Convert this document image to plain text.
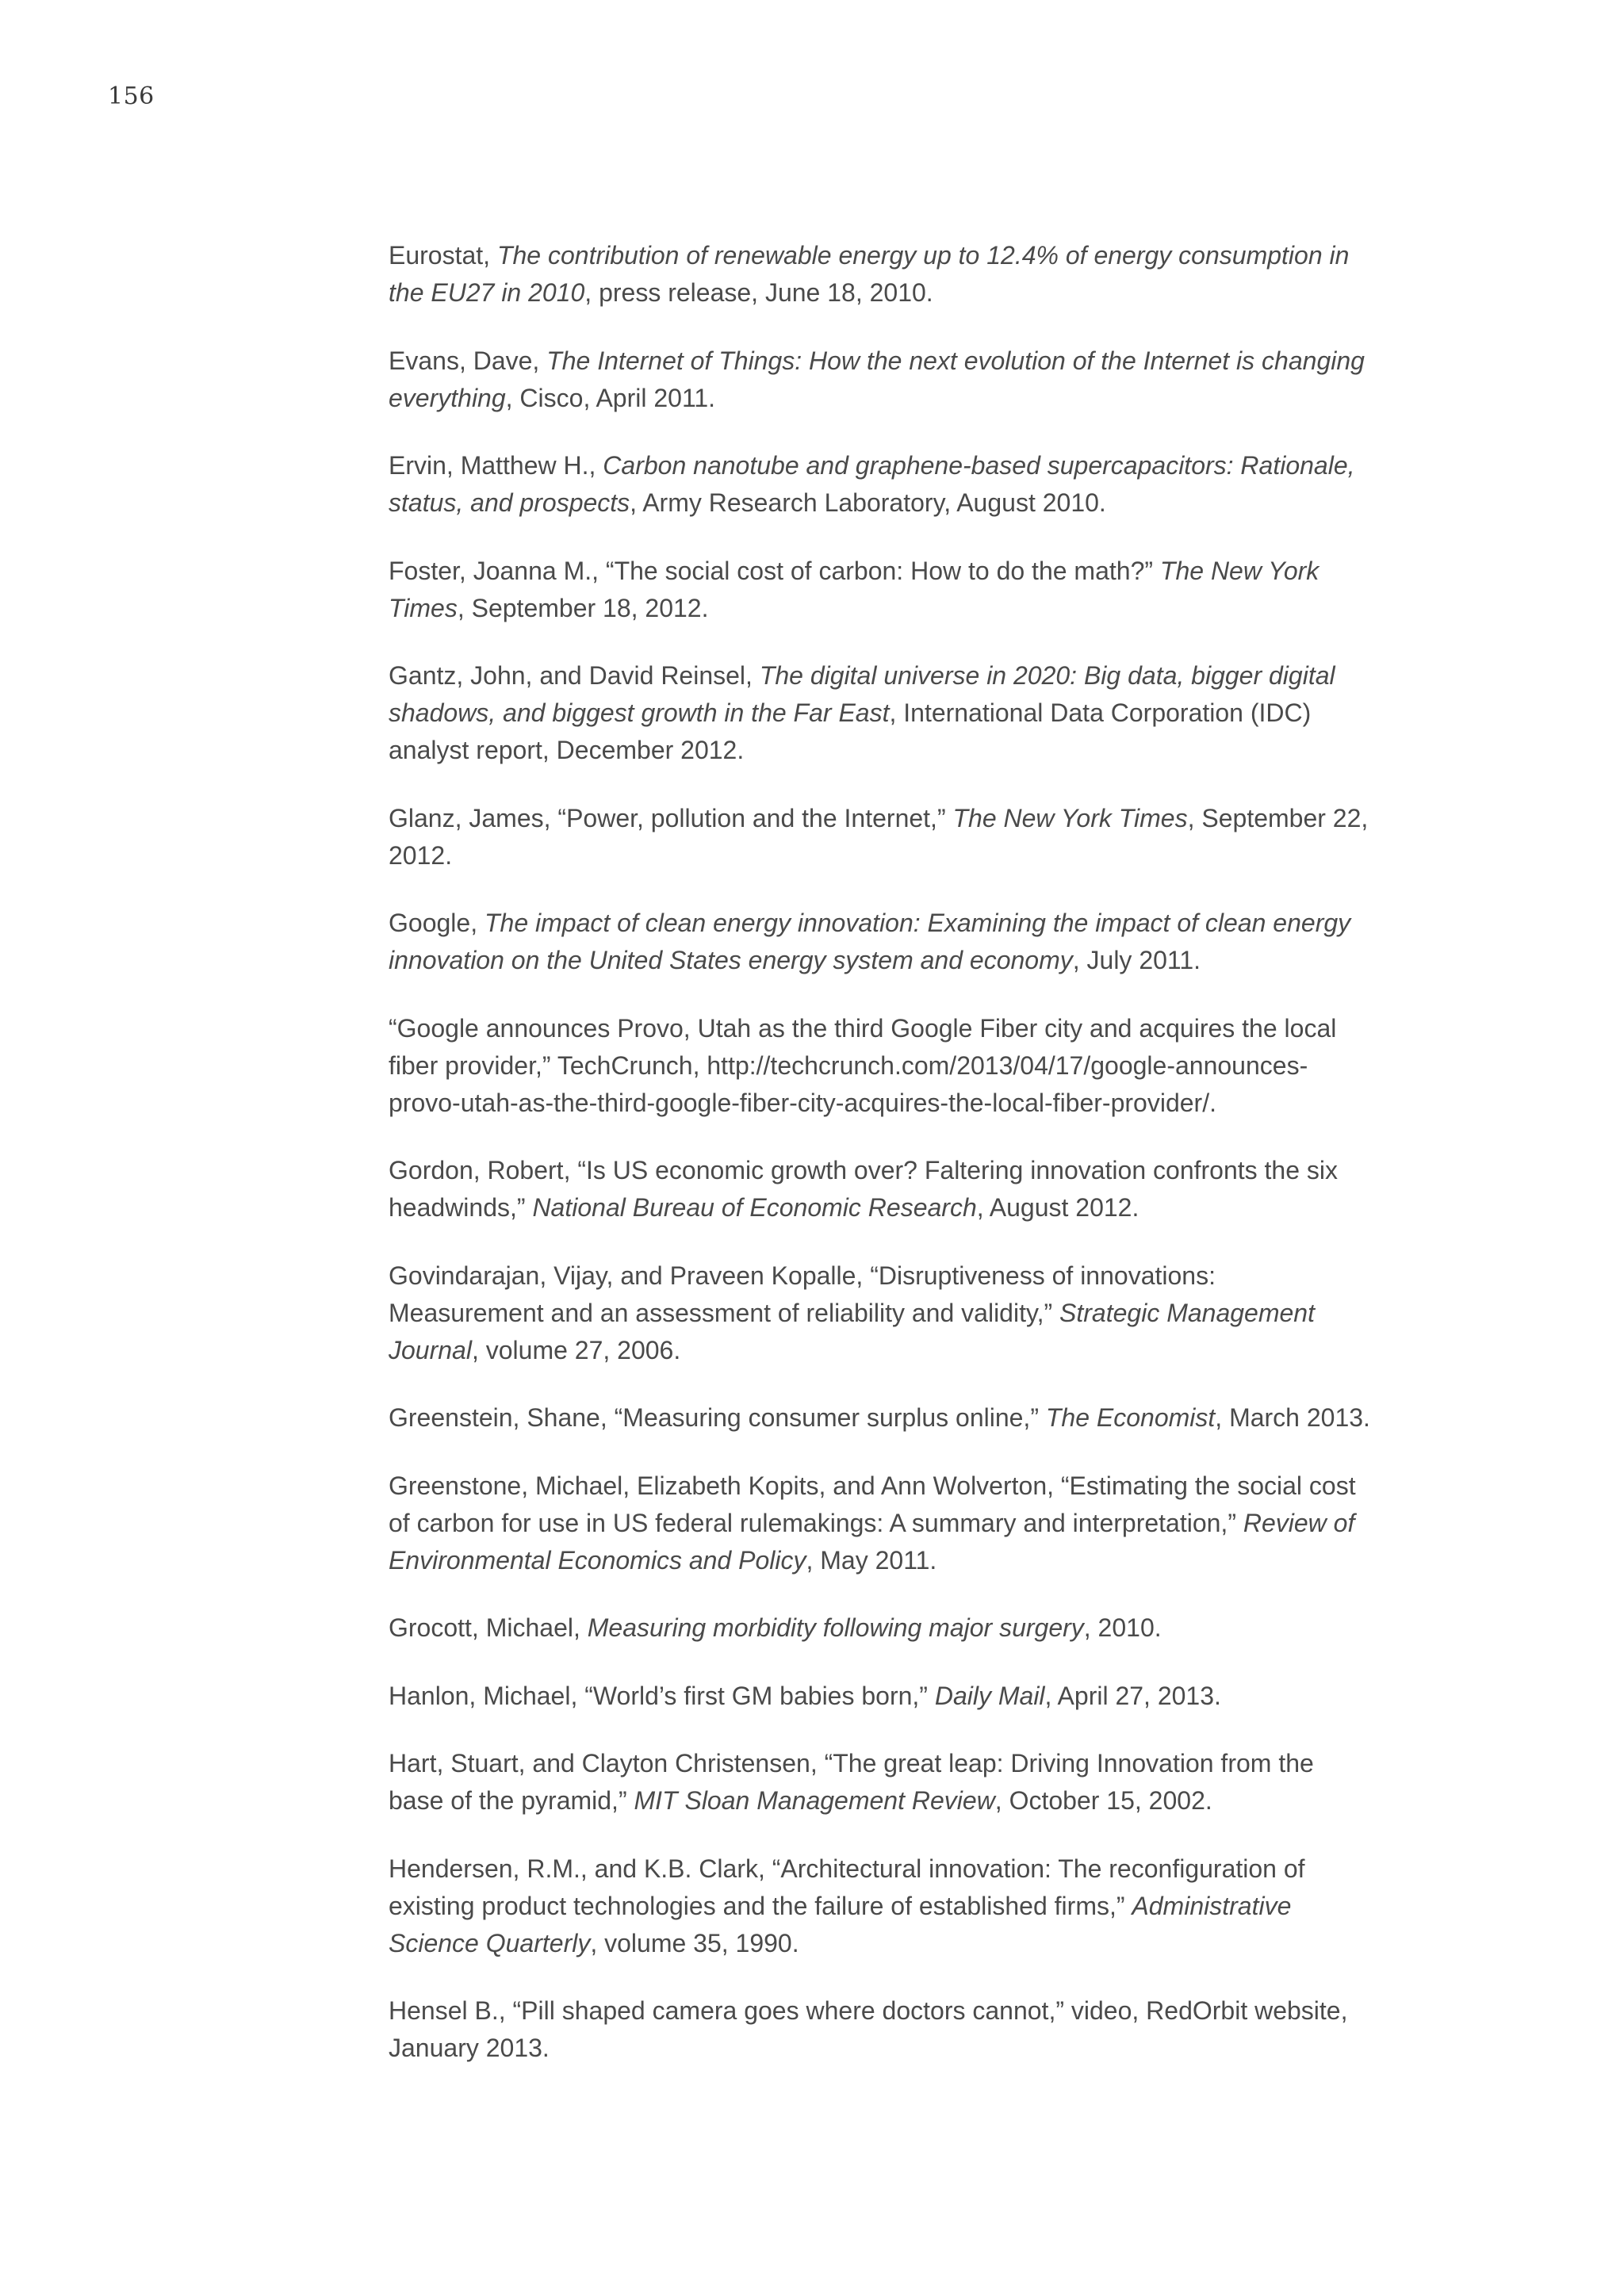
156

Eurostat, The contribution of renewable energy up to 12.4% of energy consumption in the EU27 in 2010, press release, June 18, 2010.

Evans, Dave, The Internet of Things: How the next evolution of the Internet is changing everything, Cisco, April 2011.

Ervin, Matthew H., Carbon nanotube and graphene-based supercapacitors: Rationale, status, and prospects, Army Research Laboratory, August 2010.

Foster, Joanna M., “The social cost of carbon: How to do the math?” The New York Times, September 18, 2012.

Gantz, John, and David Reinsel, The digital universe in 2020: Big data, bigger digital shadows, and biggest growth in the Far East, International Data Corporation (IDC) analyst report, December 2012.

Glanz, James, “Power, pollution and the Internet,” The New York Times, September 22, 2012.

Google, The impact of clean energy innovation: Examining the impact of clean energy innovation on the United States energy system and economy, July 2011.

“Google announces Provo, Utah as the third Google Fiber city and acquires the local fiber provider,” TechCrunch, http://techcrunch.com/2013/04/17/google-announces-provo-utah-as-the-third-google-fiber-city-acquires-the-local-fiber-provider/.

Gordon, Robert, “Is US economic growth over? Faltering innovation confronts the six headwinds,” National Bureau of Economic Research, August 2012.

Govindarajan, Vijay, and Praveen Kopalle, “Disruptiveness of innovations: Measurement and an assessment of reliability and validity,” Strategic Management Journal, volume 27, 2006.

Greenstein, Shane, “Measuring consumer surplus online,” The Economist, March 2013.

Greenstone, Michael, Elizabeth Kopits, and Ann Wolverton, “Estimating the social cost of carbon for use in US federal rulemakings: A summary and interpretation,” Review of Environmental Economics and Policy, May 2011.

Grocott, Michael, Measuring morbidity following major surgery, 2010.

Hanlon, Michael, “World’s first GM babies born,” Daily Mail, April 27, 2013.

Hart, Stuart, and Clayton Christensen, “The great leap: Driving Innovation from the base of the pyramid,” MIT Sloan Management Review, October 15, 2002.

Hendersen, R.M., and K.B. Clark, “Architectural innovation: The reconfiguration of existing product technologies and the failure of established firms,” Administrative Science Quarterly, volume 35, 1990.

Hensel B., “Pill shaped camera goes where doctors cannot,” video, RedOrbit website, January 2013.
